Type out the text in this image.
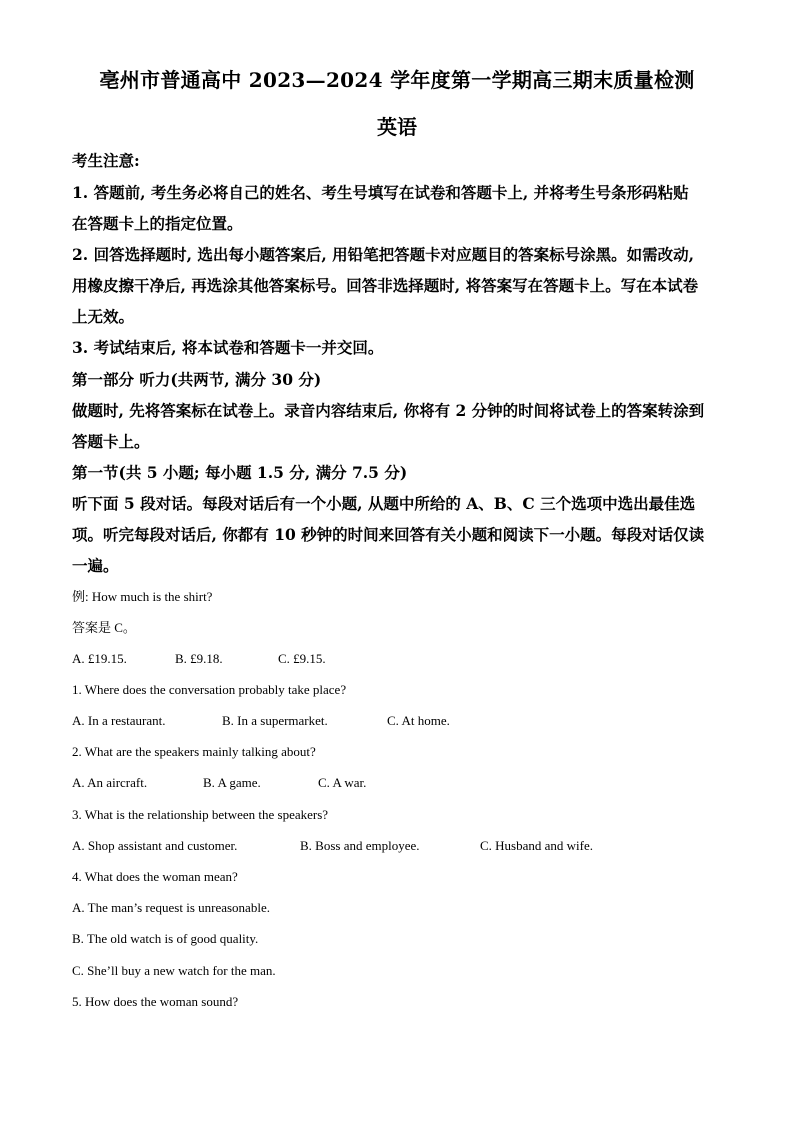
亳州市普通高中 2023—2024 学年度第一学期高三期末质量检测
英语
考生注意:
1. 答题前, 考生务必将自己的姓名、考生号填写在试卷和答题卡上, 并将考生号条形码粘贴
在答题卡上的指定位置。
2. 回答选择题时, 选出每小题答案后, 用铅笔把答题卡对应题目的答案标号涂黑。如需改动,
用橡皮擦干净后, 再选涂其他答案标号。回答非选择题时, 将答案写在答题卡上。写在本试卷
上无效。
3. 考试结束后, 将本试卷和答题卡一并交回。
第一部分 听力(共两节, 满分 30 分)
做题时, 先将答案标在试卷上。录音内容结束后, 你将有 2 分钟的时间将试卷上的答案转涂到
答题卡上。
第一节(共 5 小题; 每小题 1.5 分, 满分 7.5 分)
听下面 5 段对话。每段对话后有一个小题, 从题中所给的 A、B、C 三个选项中选出最佳选
项。听完每段对话后, 你都有 10 秒钟的时间来回答有关小题和阅读下一小题。每段对话仅读
一遍。
例: How much is the shirt?
答案是 C。
A. £19.15.	B. £9.18.	C. £9.15.
1. Where does the conversation probably take place?
A. In a restaurant.	B. In a supermarket.	C. At home.
2. What are the speakers mainly talking about?
A. An aircraft.	B. A game.	C. A war.
3. What is the relationship between the speakers?
A. Shop assistant and customer.	B. Boss and employee.	C. Husband and wife.
4. What does the woman mean?
A. The man’s request is unreasonable.
B. The old watch is of good quality.
C. She’ll buy a new watch for the man.
5. How does the woman sound?
